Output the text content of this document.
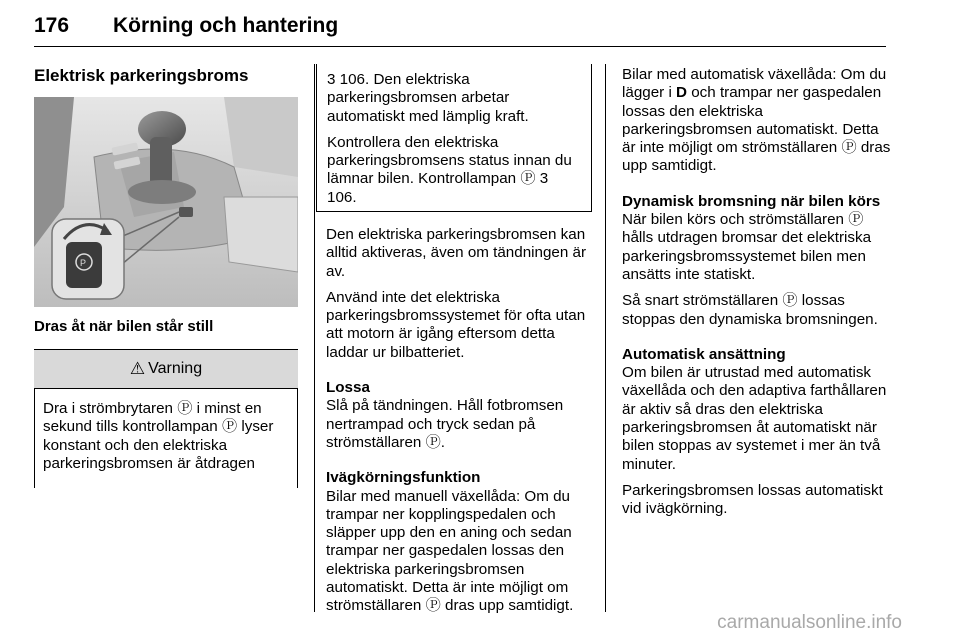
176 Körning och hantering
Elektrisk parkeringsbroms
P
Dras åt när bilen står still
⚠ Varning
Dra i strömbrytaren Ⓟ i minst en sekund tills kontrollampan Ⓟ lyser konstant och den elektriska parkeringsbromsen är åtdragen

3 106. Den elektriska parkeringsbromsen arbetar automatiskt med lämplig kraft.

Kontrollera den elektriska parkeringsbromsens status innan du lämnar bilen. Kontrollampan Ⓟ 3 106.

Den elektriska parkeringsbromsen kan alltid aktiveras, även om tändningen är av.

Använd inte det elektriska parkeringsbromssystemet för ofta utan att motorn är igång eftersom detta laddar ur bilbatteriet.

Lossa

Slå på tändningen. Håll fotbromsen nertrampad och tryck sedan på strömställaren Ⓟ.

Ivägkörningsfunktion

Bilar med manuell växellåda: Om du trampar ner kopplingspedalen och släpper upp den en aning och sedan trampar ner gaspedalen lossas den elektriska parkeringsbromsen automatiskt. Detta är inte möjligt om strömställaren Ⓟ dras upp samtidigt.

Bilar med automatisk växellåda: Om du lägger i D och trampar ner gaspedalen lossas den elektriska parkeringsbromsen automatiskt. Detta är inte möjligt om strömställaren Ⓟ dras upp samtidigt.

Dynamisk bromsning när bilen körs

När bilen körs och strömställaren Ⓟ hålls utdragen bromsar det elektriska parkeringsbromssystemet bilen men ansätts inte statiskt.

Så snart strömställaren Ⓟ lossas stoppas den dynamiska bromsningen.

Automatisk ansättning

Om bilen är utrustad med automatisk växellåda och den adaptiva farthållaren är aktiv så dras den elektriska parkeringsbromsen åt automatiskt när bilen stoppas av systemet i mer än två minuter.

Parkeringsbromsen lossas automatiskt vid ivägkörning.

carmanualsonline.info
